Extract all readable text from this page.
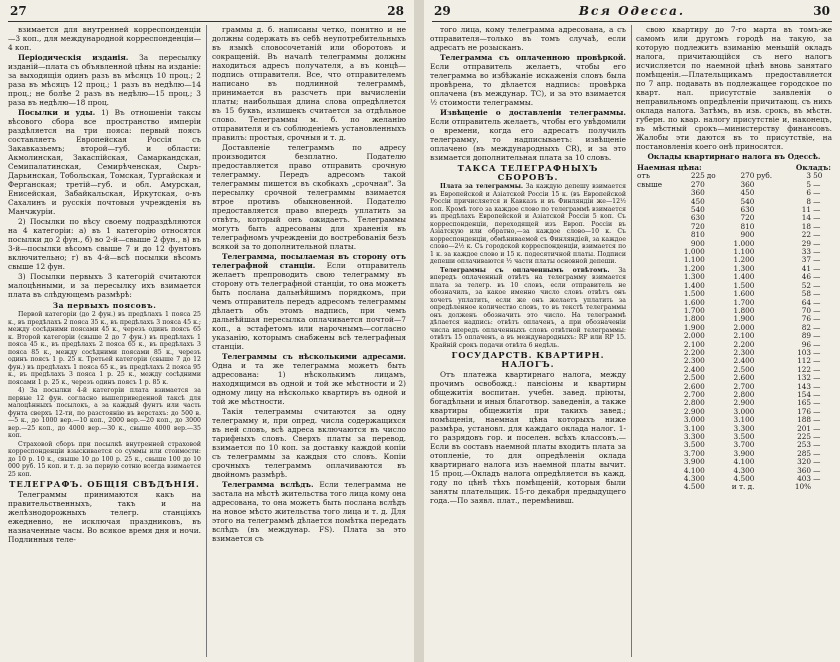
27	28

взимается для внутренней корреспонденціи —3 коп., для международной корреспонденціи—4 коп.

Періодическія изданія. За пересылку изданій—плата съ объявленной цѣны на изданіе: за выходящія одинъ разъ въ мѣсяцъ 10 проц.; 2 раза въ мѣсяцъ 12 проц.; 1 разъ въ недѣлю—14 проц.; не болѣе 2 разъ въ недѣлю—15 проц.; 3 раза въ недѣлю—18 проц.

Посылки и уды. 1) Въ отношеніи таксы вѣсового сбора все пространство имперіи раздѣляется на три пояса: первый поясъ составляетъ Европейская Россія съ Закавказьемъ; второй—губ. и области: Акмолинская, Закаспійская, Самаркандская, Семипалатинская, Семирѣченская, Сыръ-Дарьинская, Тобольская, Томская, Тургайская и Ферганская; третій—губ. и обл. Амурская, Енисейская, Забайкальская, Иркутская, о-въ Сахалинъ и русскія почтовыя учрежденія въ Манчжуріи.

2) Посылки по вѣсу своему подраздѣляются на 4 категоріи: a) въ 1 категорію относятся посылки до 2 фун., б) во 2-й—свыше 2 фун., в) въ 3-й—посылки вѣсомъ свыше 7 и до 12 фунтовъ включительно; г) въ 4-й—всѣ посылки вѣсомъ свыше 12 фун.

3) Посылки первыхъ 3 категорій считаются малоцѣнными, и за пересылку ихъ взимается плата въ слѣдующемъ размѣрѣ:

За первыхъ поясовъ.

Первой категоріи (до 2 фун.) въ предѣлахъ 1 пояса 25 к., въ предѣлахъ 2 пояса 35 к., въ предѣлахъ 3 пояса 45 к.; между сосѣдними поясами 45 к., черезъ одинъ поясъ 65 к. Второй категоріи (свыше 2 до 7 фун.) въ предѣлахъ 1 пояса 45 к., въ предѣлахъ 2 пояса 65 к., въ предѣлахъ 3 пояса 85 к., между сосѣдними поясами 85 к., черезъ одинъ поясъ 1 р. 25 к. Третьей категоріи (свыше 7 до 12 фун.) въ предѣлахъ 1 пояса 65 к., въ предѣлахъ 2 пояса 95 к., въ предѣлахъ 3 пояса 1 р. 25 к., между сосѣдними поясами 1 р. 25 к., черезъ одинъ поясъ 1 р. 85 к.

4) За посылки 4-й категоріи плата взимается за первые 12 фун. согласно вышеприведенной таксѣ для малоцѣнныхъ посылокъ, а за каждый фунтъ или часть фунта сверхъ 12-ти, по разстоянію въ верстахъ: до 500 в.—5 к., до 1000 вер.—10 коп., 2000 вер.—20 коп., до 3000 вер.—25 коп., до 4000 вер.—30 к., свыше 4000 вер.—35 коп.

Страховой сборъ при посылкѣ внутренней страховой корреспонденціи взыскивается со суммы или стоимости: до 10 р. 10 к., свыше 10 до 100 р. 25 к., свыше 100 до 10 000 руб. 15 коп. и т. д. за первую сотню всегда взимается 25 коп.

ТЕЛЕГРАФЪ. ОБЩІЯ СВѢДѢНІЯ.

Телеграммы принимаются какъ на правительственныхъ, такъ и на желѣзнодорожныхъ телегр. станціяхъ ежедневно, не исключая праздниковъ, въ назначенные часы. Во всякое время дня и ночи. Подлинныя теле-

граммы д. б. написаны четко, понятно и не должны содержать въ себѣ неупотребительныхъ въ языкѣ словосочетаній или оборотовъ и сокращеній. Въ началѣ телеграммы должны находиться адресъ получателя, а въ концѣ—подпись отправителя. Все, что отправителемъ написано въ подлинной телеграммѣ, принимается въ разсчетъ при вычисленіи платы; наибольшая длина слова опредѣляется въ 15 буквъ, излишекъ считается за отдѣльное слово. Телеграммы м. б. по желанію отправителя и съ соблюденіемъ установленныхъ правилъ: простыя, срочныя и т. д.

Доставленіе телеграммъ по адресу производится безплатно. Подателю предоставляется право отправить срочную телеграмму. Передъ адресомъ такой телеграммы пишется въ скобкахъ „срочная". За пересылку срочной телеграммы взимается втрое противъ обыкновенной. Подателю предоставляется право впередъ уплатить за отвѣтъ, который онъ ожидаетъ. Телеграммы могутъ быть адресованы для храненія въ телеграфномъ учрежденіи до востребованія безъ всякой за то дополнительной платы.

Телеграмма, посылаемая въ сторону отъ телеграфной станціи. Если отправитель желаетъ препроводить свою телеграмму въ сторону отъ телеграфной станціи, то она можетъ быть послана дальнѣйшимъ порядкомъ, при чемъ отправитель передъ адресомъ телеграммы дѣлаетъ объ этомъ надпись, при чемъ дальнѣйшая пересылка оплачивается почтой—7 коп., а эстафетомъ или нарочнымъ—согласно указанію, которымъ снабжены всѣ телеграфныя станціи.

Телеграммы съ нѣсколькими адресами. Одна и та же телеграмма можетъ быть адресована: 1) нѣсколькимъ лицамъ, находящимся въ одной и той же мѣстности и 2) одному лицу на нѣсколько квартиръ въ одной и той же мѣстности.

Такія телеграммы считаются за одну телеграмму и, при опред. числа содержащихся въ ней словъ, всѣ адреса включаются въ число тарифныхъ словъ. Сверхъ платы за перевод. взимается по 10 коп. за доставку каждой копіи съ телеграммы за каждыя сто словъ. Копіи срочныхъ телеграммъ оплачиваются въ двойномъ размѣрѣ.

Телеграмма вслѣдъ. Если телеграмма не застала на мѣстѣ жительства того лица кому она адресована, то она можетъ быть послана вслѣдъ на новое мѣсто жительства того лица и т. д. Для этого на телеграммѣ дѣлается помѣтка передать вслѣдъ (въ междунар. FS). Плата за это взимается съ

29	Вся Одесса.	30

того лица, кому телеграмма адресована, а съ отправителя—только въ томъ случаѣ, если адресатъ не розысканъ.

Телеграмма съ оплаченною провѣркой. Если отправитель желаетъ, чтобы его телеграмма во избѣжаніе искаженія словъ была провѣрена, то дѣлается надпись: провѣрка оплачена (въ междунар. TC), и за это взимается ½ стоимости телеграммы.

Извѣщеніе о доставленіи телеграммы. Если отправитель желаетъ, чтобы его увѣдомили о времени, когда его адресатъ получилъ телеграмму, то надписываетъ: извѣщеніе оплачено (въ международныхъ CR), и за это взимается дополнительная плата за 10 словъ.

ТАКСА ТЕЛЕГРАФНЫХЪ СБОРОВЪ.

Плата за телеграммы. За каждую депешу взимается въ Европейской и Азіатской Россіи 15 к. (въ Европейской Россіи причисляется и Кавказъ и въ Финляндіи же—12½ коп. Кромѣ того за каждое слово по телеграммѣ взимается въ предѣлахъ Европейской и Азіатской Россіи 5 коп. Съ корреспонденціи, переходящей изъ Европ. Россіи въ Азіатскую или обратно,—за каждое слово—10 к. Съ корреспонденціи, обмѣниваемой съ Финляндіей, за каждое слово—2½ к. Съ городской корреспонденціи, взимается по 1 к. за каждое слово и 15 к. подесятичной платы. Подписи депеши оплачиваются ½ части платы основной депеши.

Телеграммы съ оплаченнымъ отвѣтомъ. За впередъ оплаченный отвѣтъ на телеграмму взимается плата за телегр. въ 10 словъ, если отправитель не обозначилъ, за какое именно число словъ отвѣтъ онъ хочетъ уплатить, если же онъ желаетъ уплатить за опредѣленное количество словъ, то въ текстѣ телеграммы онъ долженъ обозначить это число. На телеграммѣ дѣлается надпись: отвѣтъ оплаченъ, а при обозначеніи числа впередъ оплаченныхъ словъ отвѣтной телеграммы: отвѣтъ 15 оплаченъ, а въ международныхъ: RP или RP 15. Крайній срокъ подачи отвѣта 6 недѣль.

ГОСУДАРСТВ. КВАРТИРН. НАЛОГЪ.

Отъ платежа квартирнаго налога, между прочимъ освобожд.: пансіоны и квартиры общежитія воспитан. учебн. завед. пріюты, богадѣльни и иныя благотвор. заведенія, а также квартиры общежитія при такихъ завед.; помѣщенія, наемная цѣна которыхъ ниже размѣра, установл. для каждаго оклада налог. 1-го разрядовъ гор. и поселен. всѣхъ классовъ.—Если въ составъ наемной платы входитъ плата за отопленіе, то для опредѣленія оклада квартирнаго налога изъ наемной платы вычит. 15 проц.—Окладъ налога опредѣляется въ кажд. году по цѣнѣ тѣхъ помѣщеній, которыя были заняты плательщик. 15-го декабря предыдущего года.—По заявл. плат., перемѣнивш.

свою квартиру до 7-го марта въ томъ-же самомъ или другомъ городѣ на такую, за которую подлежитъ взиманію меньшій окладъ налога, причитающійся съ него налогъ исчисляется по наемной цѣнѣ вновь занятаго помѣщенія.—Плательщикамъ предоставляется по 7 апр. подавать въ подлежащее городское по кварт. нал. присутствіе заявленія о неправильномъ опредѣленіи причитающ. съ нихъ оклада налога. Затѣмъ, въ изв. срокъ, въ мѣстн. губерн. по квар. налогу присутствіе и, наконецъ, въ мѣстный срокъ—министерству финансовъ. Жалобы эти даются въ то присутствіе, на постановленія коего онѣ приносятся.

Оклады квартирнаго налога въ Одессѣ.
Наемная цѣна:					Окладъ:	
отъ	225	до	270	руб.	3	50
свыше	270		360		5	—
	360		450		6	—
	450		540		8	—
	540		630		11	—
	630		720		14	—
	720		810		18	—
	810		900		22	—
	900		1.000		29	—
	1.000		1.100		33	—
	1.100		1.200		37	—
	1.200		1.300		41	—
	1.300		1.400		46	—
	1.400		1.500		52	—
	1.500		1.600		58	—
	1.600		1.700		64	—
	1.700		1.800		70	—
	1.800		1.900		76	—
	1.900		2.000		82	—
	2.000		2.100		89	—
	2.100		2.200		96	—
	2.200		2.300		103	—
	2.300		2.400		112	—
	2.400		2.500		122	—
	2.500		2.600		132	—
	2.600		2.700		143	—
	2.700		2.800		154	—
	2.800		2.900		165	—
	2.900		3.000		176	—
	3.000		3.100		188	—
	3.100		3.300		201	—
	3.300		3.500		225	—
	3.500		3.700		253	—
	3.700		3.900		285	—
	3.900		4.100		320	—
	4.100		4.300		360	—
	4.300		4.500		403	—
	4.500		и т. д.		10%	
